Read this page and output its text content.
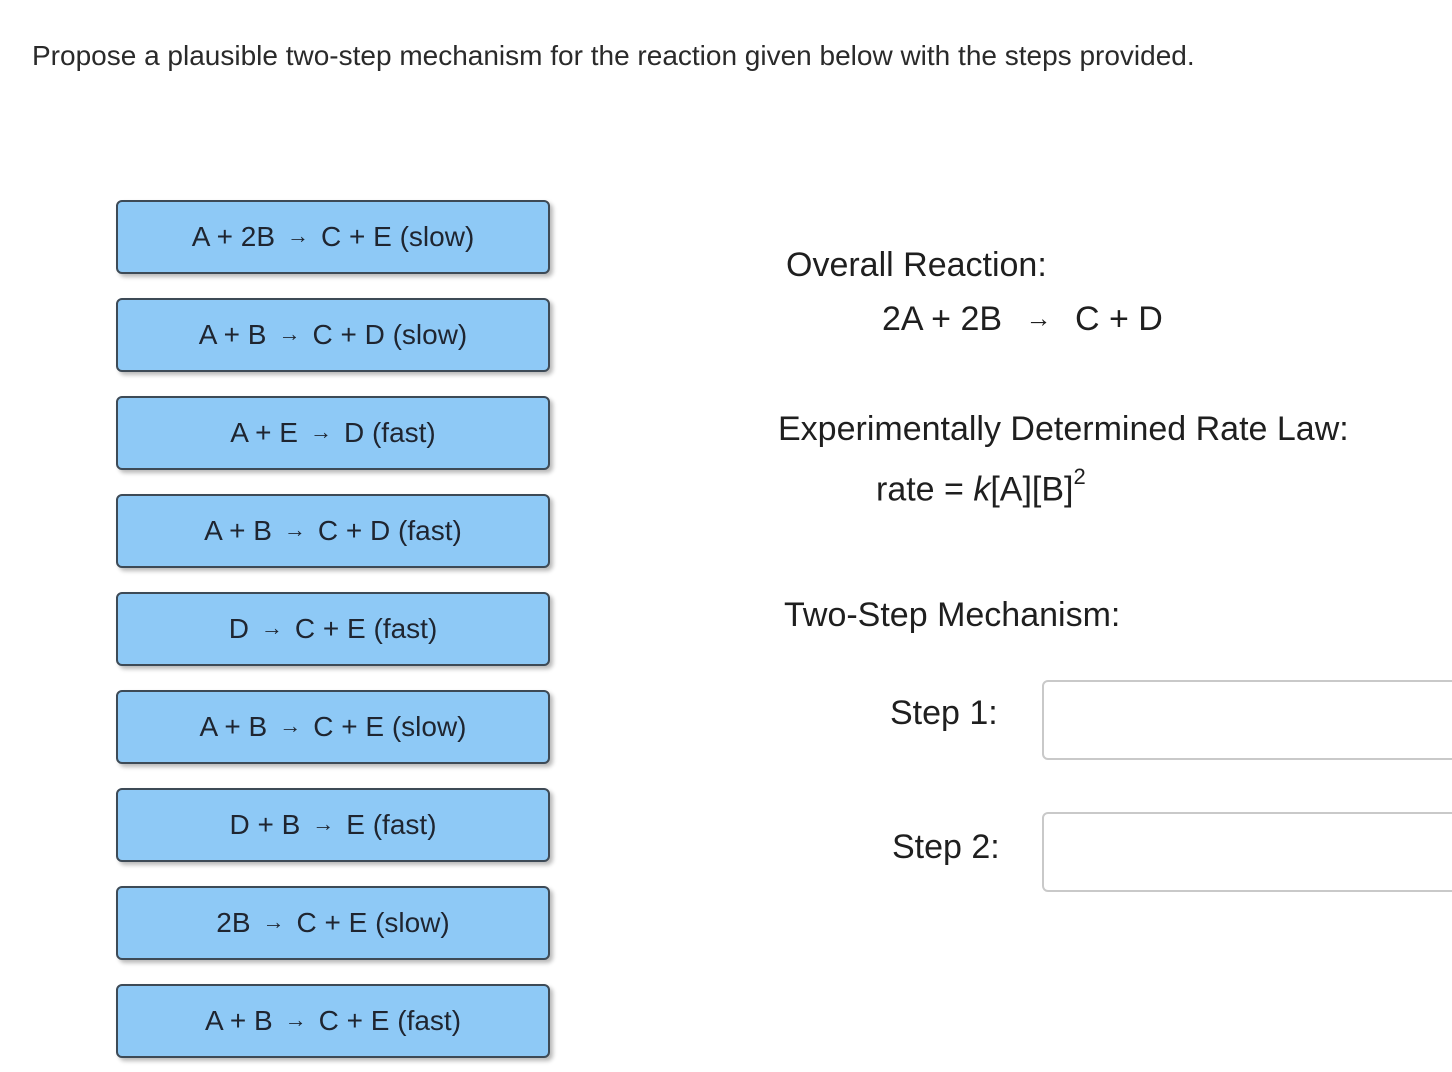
Propose a plausible two-step mechanism for the reaction given below with the steps provided.
A + 2B → C + E (slow)
A + B → C + D (slow)
A + E → D (fast)
A + B → C + D (fast)
D → C + E (fast)
A + B → C + E (slow)
D + B → E (fast)
2B → C + E (slow)
A + B → C + E (fast)
Overall Reaction:
2A + 2B → C + D
Experimentally Determined Rate Law:
rate = $k[A][B]^2$
Two-Step Mechanism:
Step 1:
Step 2:
